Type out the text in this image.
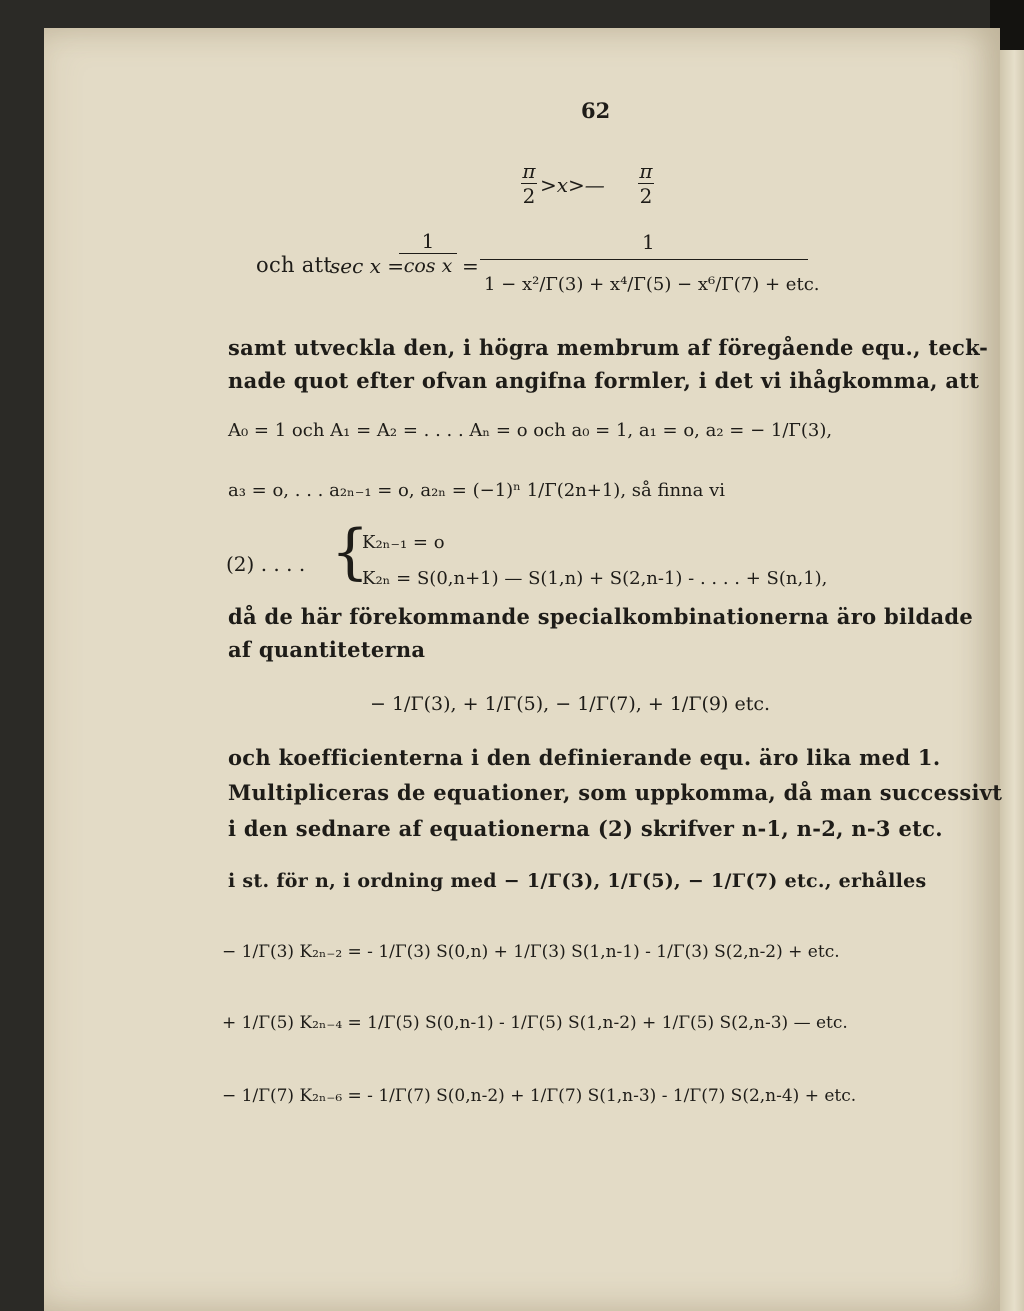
62
π
2 >x>—
π
2
och att
sec x =
1
cos x =
1
1 − x²/Γ(3) + x⁴/Γ(5) − x⁶/Γ(7) + etc.
samt utveckla den, i högra membrum af föregående equ., teck-
nade quot efter ofvan angifna formler, i det vi ihågkomma, att
A₀ = 1 och A₁ = A₂ = . . . . Aₙ = o och a₀ = 1, a₁ = o, a₂ = − 1/Γ(3),
a₃ = o, . . . a₂ₙ₋₁ = o, a₂ₙ = (−1)ⁿ 1/Γ(2n+1), så finna vi
(2) . . . . {
K₂ₙ₋₁ = o
K₂ₙ = S(0,n+1) — S(1,n) + S(2,n-1) - . . . . + S(n,1),
då de här förekommande specialkombinationerna äro bildade
af quantiteterna
− 1/Γ(3), + 1/Γ(5), − 1/Γ(7), + 1/Γ(9) etc.
och koefficienterna i den definierande equ. äro lika med 1.
Multipliceras de equationer, som uppkomma, då man successivt
i den sednare af equationerna (2) skrifver n-1, n-2, n-3 etc.
i st. för n, i ordning med − 1/Γ(3), 1/Γ(5), − 1/Γ(7) etc., erhålles
− 1/Γ(3) K₂ₙ₋₂ = - 1/Γ(3) S(0,n) + 1/Γ(3) S(1,n-1) - 1/Γ(3) S(2,n-2) + etc.
+ 1/Γ(5) K₂ₙ₋₄ = 1/Γ(5) S(0,n-1) - 1/Γ(5) S(1,n-2) + 1/Γ(5) S(2,n-3) — etc.
− 1/Γ(7) K₂ₙ₋₆ = - 1/Γ(7) S(0,n-2) + 1/Γ(7) S(1,n-3) - 1/Γ(7) S(2,n-4) + etc.
